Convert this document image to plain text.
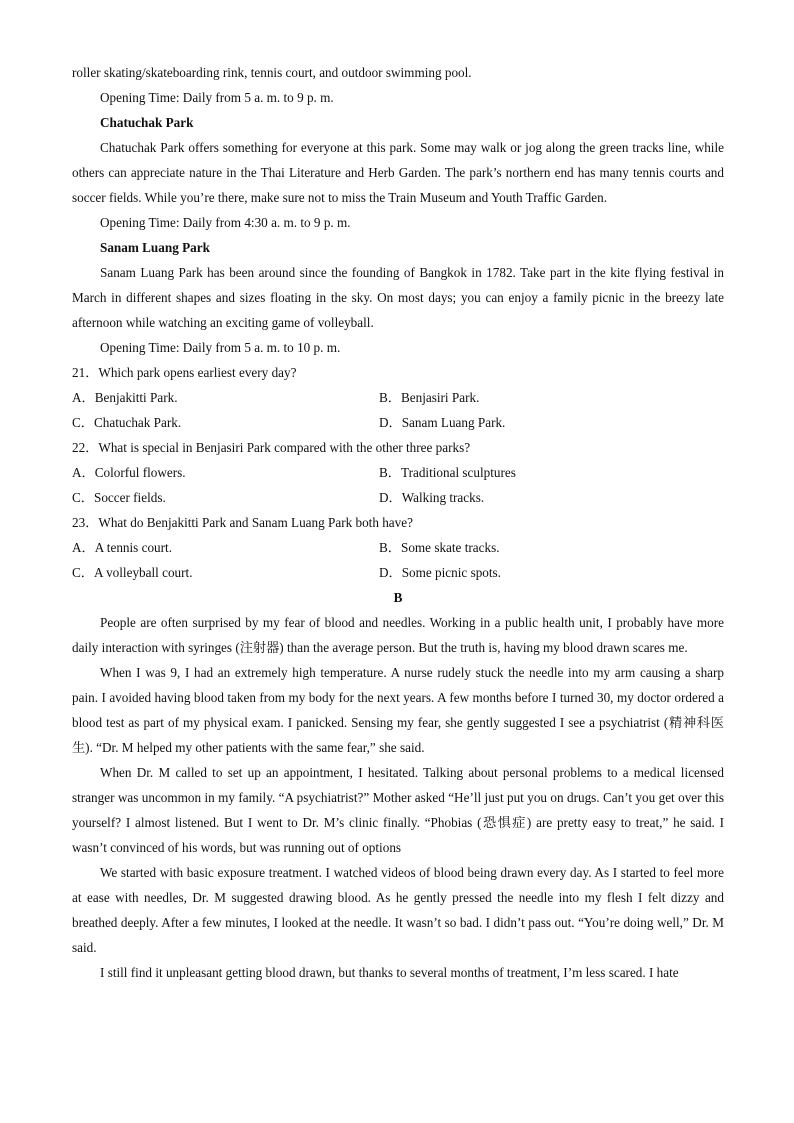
roller skating/skateboarding rink, tennis court, and outdoor swimming pool.

Opening Time: Daily from 5 a. m. to 9 p. m.

Chatuchak Park

Chatuchak Park offers something for everyone at this park. Some may walk or jog along the green tracks line, while others can appreciate nature in the Thai Literature and Herb Garden. The park’s northern end has many tennis courts and soccer fields. While you’re there, make sure not to miss the Train Museum and Youth Traffic Garden.

Opening Time: Daily from 4:30 a. m. to 9 p. m.

Sanam Luang Park

Sanam Luang Park has been around since the founding of Bangkok in 1782. Take part in the kite flying festival in March in different shapes and sizes floating in the sky. On most days; you can enjoy a family picnic in the breezy late afternoon while watching an exciting game of volleyball.

Opening Time: Daily from 5 a. m. to 10 p. m.

21．Which park opens earliest every day?

A．Benjakitti Park.	B．Benjasiri Park.

C．Chatuchak Park.	D．Sanam Luang Park.

22．What is special in Benjasiri Park compared with the other three parks?

A．Colorful flowers.	B．Traditional sculptures

C．Soccer fields.	D．Walking tracks.

23．What do Benjakitti Park and Sanam Luang Park both have?

A．A tennis court.	B．Some skate tracks.

C．A volleyball court.	D．Some picnic spots.

B

People are often surprised by my fear of blood and needles. Working in a public health unit, I probably have more daily interaction with syringes (注射器) than the average person. But the truth is, having my blood drawn scares me.

When I was 9, I had an extremely high temperature. A nurse rudely stuck the needle into my arm causing a sharp pain. I avoided having blood taken from my body for the next years. A few months before I turned 30, my doctor ordered a blood test as part of my physical exam. I panicked. Sensing my fear, she gently suggested I see a psychiatrist (精神科医生). “Dr. M helped my other patients with the same fear,” she said.

When Dr. M called to set up an appointment, I hesitated. Talking about personal problems to a medical licensed stranger was uncommon in my family. “A psychiatrist?” Mother asked “He’ll just put you on drugs. Can’t you get over this yourself? I almost listened. But I went to Dr. M’s clinic finally. “Phobias (恐惧症) are pretty easy to treat,” he said. I wasn’t convinced of his words, but was running out of options

We started with basic exposure treatment. I watched videos of blood being drawn every day. As I started to feel more at ease with needles, Dr. M suggested drawing blood. As he gently pressed the needle into my flesh I felt dizzy and breathed deeply. After a few minutes, I looked at the needle. It wasn’t so bad. I didn’t pass out. “You’re doing well,” Dr. M said.

I still find it unpleasant getting blood drawn, but thanks to several months of treatment, I’m less scared. I hate
